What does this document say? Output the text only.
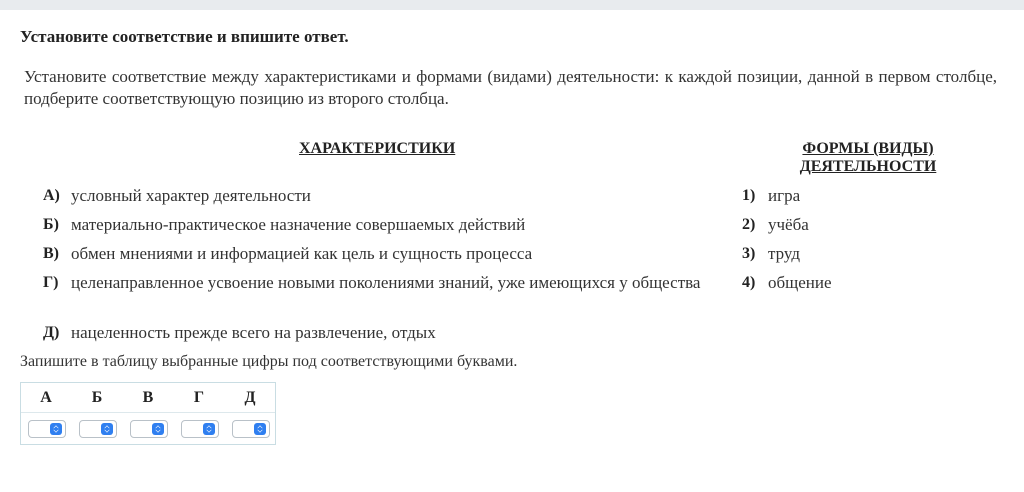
Установите соответствие и впишите ответ.
Установите соответствие между характеристиками и формами (видами) деятельности: к каждой позиции, данной в первом столбце, подберите соответствующую позицию из второго столбца.
ХАРАКТЕРИСТИКИ	ФОРМЫ (ВИДЫ) ДЕЯТЕЛЬНОСТИ
А) условный характер деятельности
Б) материально-практическое назначение совершаемых действий
В) обмен мнениями и информацией как цель и сущность процесса
Г) целенаправленное усвоение новыми поколениями знаний, уже имеющихся у общества
Д) нацеленность прежде всего на развлечение, отдых
1) игра
2) учёба
3) труд
4) общение
Запишите в таблицу выбранные цифры под соответствующими буквами.
А	Б	В	Г	Д
